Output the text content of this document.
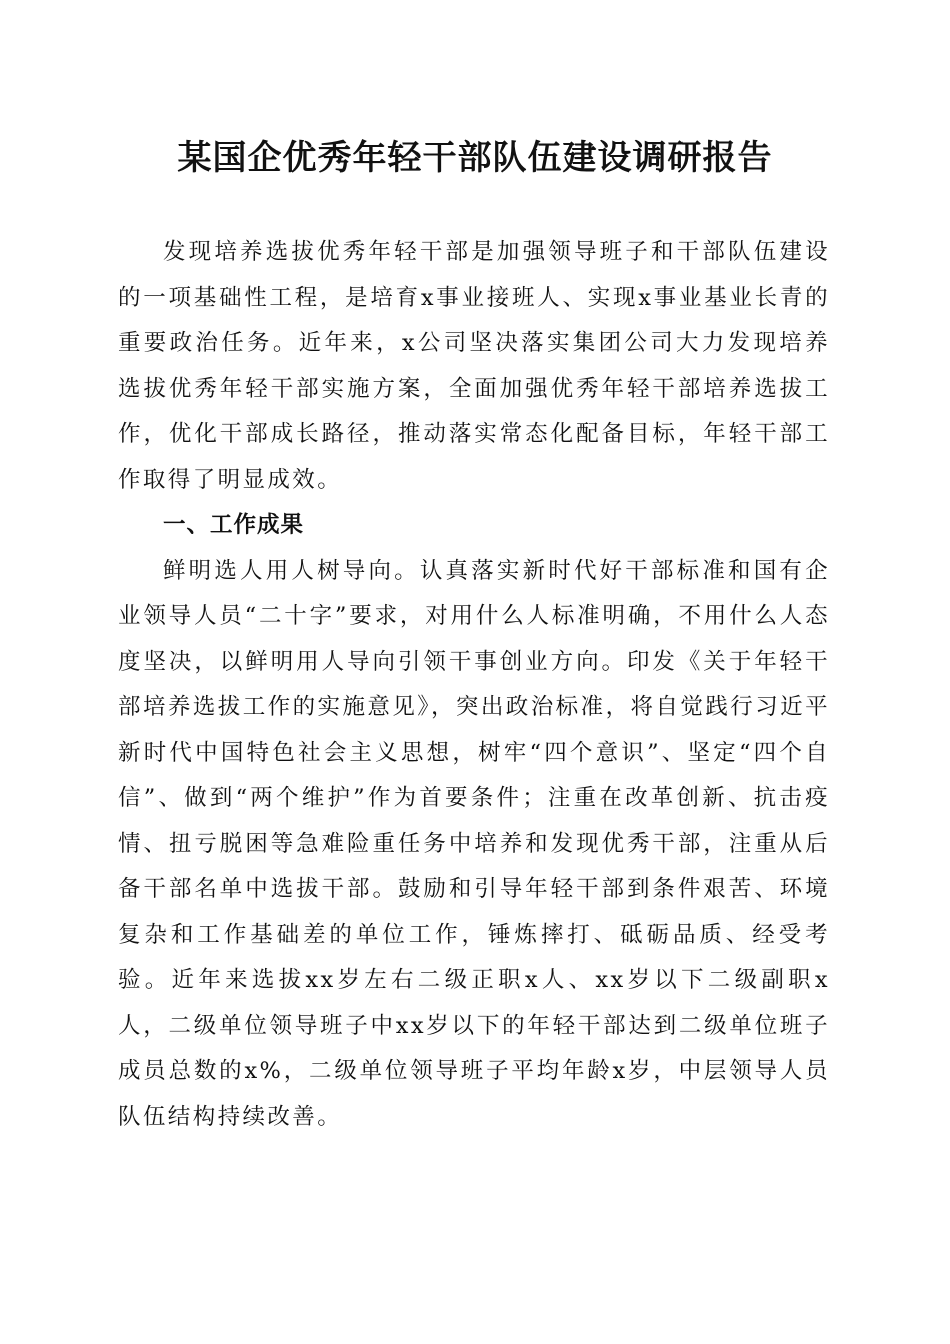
某国企优秀年轻干部队伍建设调研报告

发现培养选拔优秀年轻干部是加强领导班子和干部队伍建设的一项基础性工程，是培育x事业接班人、实现x事业基业长青的重要政治任务。近年来，x公司坚决落实集团公司大力发现培养选拔优秀年轻干部实施方案，全面加强优秀年轻干部培养选拔工作，优化干部成长路径，推动落实常态化配备目标，年轻干部工作取得了明显成效。

一、工作成果

鲜明选人用人树导向。认真落实新时代好干部标准和国有企业领导人员“二十字”要求，对用什么人标准明确，不用什么人态度坚决，以鲜明用人导向引领干事创业方向。印发《关于年轻干部培养选拔工作的实施意见》，突出政治标准，将自觉践行习近平新时代中国特色社会主义思想，树牢“四个意识”、坚定“四个自信”、做到“两个维护”作为首要条件；注重在改革创新、抗击疫情、扭亏脱困等急难险重任务中培养和发现优秀干部，注重从后备干部名单中选拔干部。鼓励和引导年轻干部到条件艰苦、环境复杂和工作基础差的单位工作，锤炼摔打、砥砺品质、经受考验。近年来选拔xx岁左右二级正职x人、xx岁以下二级副职x人，二级单位领导班子中xx岁以下的年轻干部达到二级单位班子成员总数的x%，二级单位领导班子平均年龄x岁，中层领导人员队伍结构持续改善。
